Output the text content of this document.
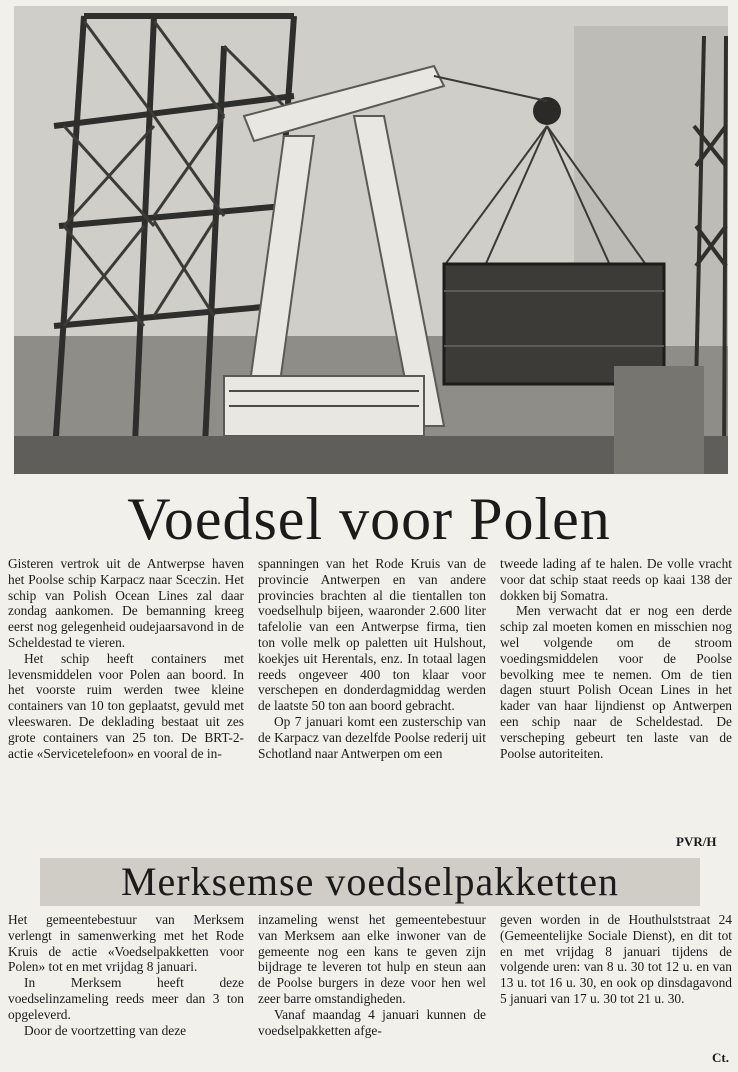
Voedsel voor Polen

Gisteren vertrok uit de Antwerpse haven het Poolse schip Karpacz naar Sceczin. Het schip van Polish Ocean Lines zal daar zondag aankomen. De bemanning kreeg eerst nog gelegenheid oudejaarsavond in de Scheldestad te vieren.

Het schip heeft containers met levensmiddelen voor Polen aan boord. In het voorste ruim werden twee kleine containers van 10 ton geplaatst, gevuld met vleeswaren. De deklading bestaat uit zes grote containers van 25 ton. De BRT-2-actie «Servicetelefoon» en vooral de in-

spanningen van het Rode Kruis van de provincie Antwerpen en van andere provincies brachten al die tientallen ton voedselhulp bijeen, waaronder 2.600 liter tafelolie van een Antwerpse firma, tien ton volle melk op paletten uit Hulshout, koekjes uit Herentals, enz. In totaal lagen reeds ongeveer 400 ton klaar voor verschepen en donderdagmiddag werden de laatste 50 ton aan boord gebracht.

Op 7 januari komt een zusterschip van de Karpacz van dezelfde Poolse rederij uit Schotland naar Antwerpen om een

tweede lading af te halen. De volle vracht voor dat schip staat reeds op kaai 138 der dokken bij Somatra.

Men verwacht dat er nog een derde schip zal moeten komen en misschien nog wel volgende om de stroom voedingsmiddelen voor de Poolse bevolking mee te nemen. Om de tien dagen stuurt Polish Ocean Lines in het kader van haar lijndienst op Antwerpen een schip naar de Scheldestad. De verscheping gebeurt ten laste van de Poolse autoriteiten.

PVR/H
Merksemse voedselpakketten

Het gemeentebestuur van Merksem verlengt in samenwerking met het Rode Kruis de actie «Voedselpakketten voor Polen» tot en met vrijdag 8 januari.

In Merksem heeft deze voedselinzameling reeds meer dan 3 ton opgeleverd.

Door de voortzetting van deze

inzameling wenst het gemeentebestuur van Merksem aan elke inwoner van de gemeente nog een kans te geven zijn bijdrage te leveren tot hulp en steun aan de Poolse burgers in deze voor hen wel zeer barre omstandigheden.

Vanaf maandag 4 januari kunnen de voedselpakketten afge-

geven worden in de Houthulststraat 24 (Gemeentelijke Sociale Dienst), en dit tot en met vrijdag 8 januari tijdens de volgende uren: van 8 u. 30 tot 12 u. en van 13 u. tot 16 u. 30, en ook op dinsdagavond 5 januari van 17 u. 30 tot 21 u. 30.

Ct.
